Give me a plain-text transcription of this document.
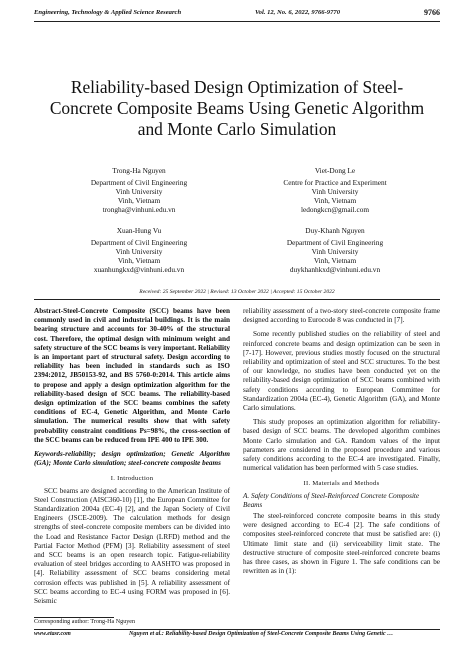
Engineering, Technology & Applied Science Research	Vol. 12, No. 6, 2022, 9766-9770	9766
Reliability-based Design Optimization of Steel-
Concrete Composite Beams Using Genetic Algorithm
and Monte Carlo Simulation
Trong-Ha Nguyen
Department of Civil Engineering
Vinh University
Vinh, Vietnam
trongha@vinhuni.edu.vn
Viet-Dong Le
Centre for Practice and Experiment
Vinh University
Vinh, Vietnam
ledongkcn@gmail.com
Xuan-Hung Vu
Department of Civil Engineering
Vinh University
Vinh, Vietnam
xuanhungkxd@vinhuni.edu.vn
Duy-Khanh Nguyen
Department of Civil Engineering
Vinh University
Vinh, Vietnam
duykhanhkxd@vinhuni.edu.vn
Received: 25 September 2022 | Revised: 13 October 2022 | Accepted: 15 October 2022

Abstract-Steel-Concrete Composite (SCC) beams have been commonly used in civil and industrial buildings. It is the main bearing structure and accounts for 30-40% of the structural cost. Therefore, the optimal design with minimum weight and safety structure of the SCC beams is very important. Reliability is an important part of structural safety. Design according to reliability has been included in standards such as ISO 2394:2012, JB50153-92, and BS 5760-0:2014. This article aims to propose and apply a design optimization algorithm for the reliability-based design of SCC beams. The reliability-based design optimization of the SCC beams combines the safety conditions of EC-4, Genetic Algorithm, and Monte Carlo simulation. The numerical results show that with safety probability constraint conditions Ps=98%, the cross-section of the SCC beams can be reduced from IPE 400 to IPE 300.

Keywords-reliability; design optimization; Genetic Algorithm (GA); Monte Carlo simulation; steel-concrete composite beams

I. Introduction

SCC beams are designed according to the American Institute of Steel Construction (AISC360-10) [1], the European Committee for Standardization 2004a (EC-4) [2], and the Japan Society of Civil Engineers (JSCE-2009). The calculation methods for design strengths of steel-concrete composite members can be divided into the Load and Resistance Factor Design (LRFD) method and the Partial Factor Method (PFM) [3]. Reliability assessment of steel and SCC beams is an open research topic. Fatigue-reliability evaluation of steel bridges according to AASHTO was proposed in [4]. Reliability assessment of SCC beams considering metal corrosion effects was published in [5]. A reliability assessment of SCC beams according to EC-4 using FORM was proposed in [6]. Seismic

reliability assessment of a two-story steel-concrete composite frame designed according to Eurocode 8 was conducted in [7].

Some recently published studies on the reliability of steel and reinforced concrete beams and design optimization can be seen in [7-17]. However, previous studies mostly focused on the structural reliability and optimization of steel and SCC structures. To the best of our knowledge, no studies have been conducted yet on the reliability-based design optimization of SCC beams combined with safety conditions according to European Committee for Standardization 2004a (EC-4), Genetic Algorithm (GA), and Monte Carlo simulations.

This study proposes an optimization algorithm for reliability-based design of SCC beams. The developed algorithm combines Monte Carlo simulation and GA. Random values of the input parameters are considered in the proposed procedure and various safety conditions according to the EC-4 are investigated. Finally, numerical validation has been performed with 5 case studies.

II. Materials and Methods

A. Safety Conditions of Steel-Reinforced Concrete Composite Beams

The steel-reinforced concrete composite beams in this study were designed according to EC-4 [2]. The safe conditions of composites steel-reinforced concrete that must be satisfied are: (i) Ultimate limit state and (ii) serviceability limit state. The destructive structure of composite steel-reinforced concrete beams has three cases, as shown in Figure 1. The safe conditions can be rewritten as in (1):

Corresponding author: Trong-Ha Nguyen
www.etasr.com	Nguyen et al.: Reliability-based Design Optimization of Steel-Concrete Composite Beams Using Genetic …
